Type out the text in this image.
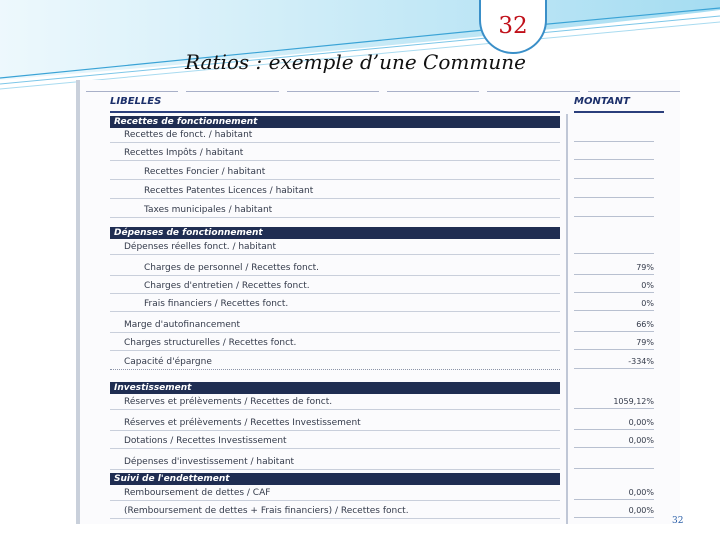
32
Ratios : exemple d’une Commune
LIBELLES	MONTANT
Recettes de fonctionnement
Recettes de fonct. / habitant
Recettes Impôts / habitant
Recettes Foncier / habitant
Recettes Patentes Licences / habitant
Taxes municipales / habitant
Dépenses de fonctionnement
Dépenses réelles fonct. / habitant
Charges de personnel / Recettes fonct.	79%
Charges d'entretien / Recettes fonct.	0%
Frais financiers / Recettes fonct.	0%
Marge d'autofinancement	66%
Charges structurelles / Recettes fonct.	79%
Capacité d'épargne	-334%
Investissement
Réserves et prélèvements / Recettes de fonct.	1059,12%
Réserves et prélèvements / Recettes Investissement	0,00%
Dotations / Recettes Investissement	0,00%
Dépenses d'investissement / habitant
Suivi de l'endettement
Remboursement de dettes / CAF	0,00%
(Remboursement de dettes + Frais financiers) / Recettes fonct.	0,00%
32
